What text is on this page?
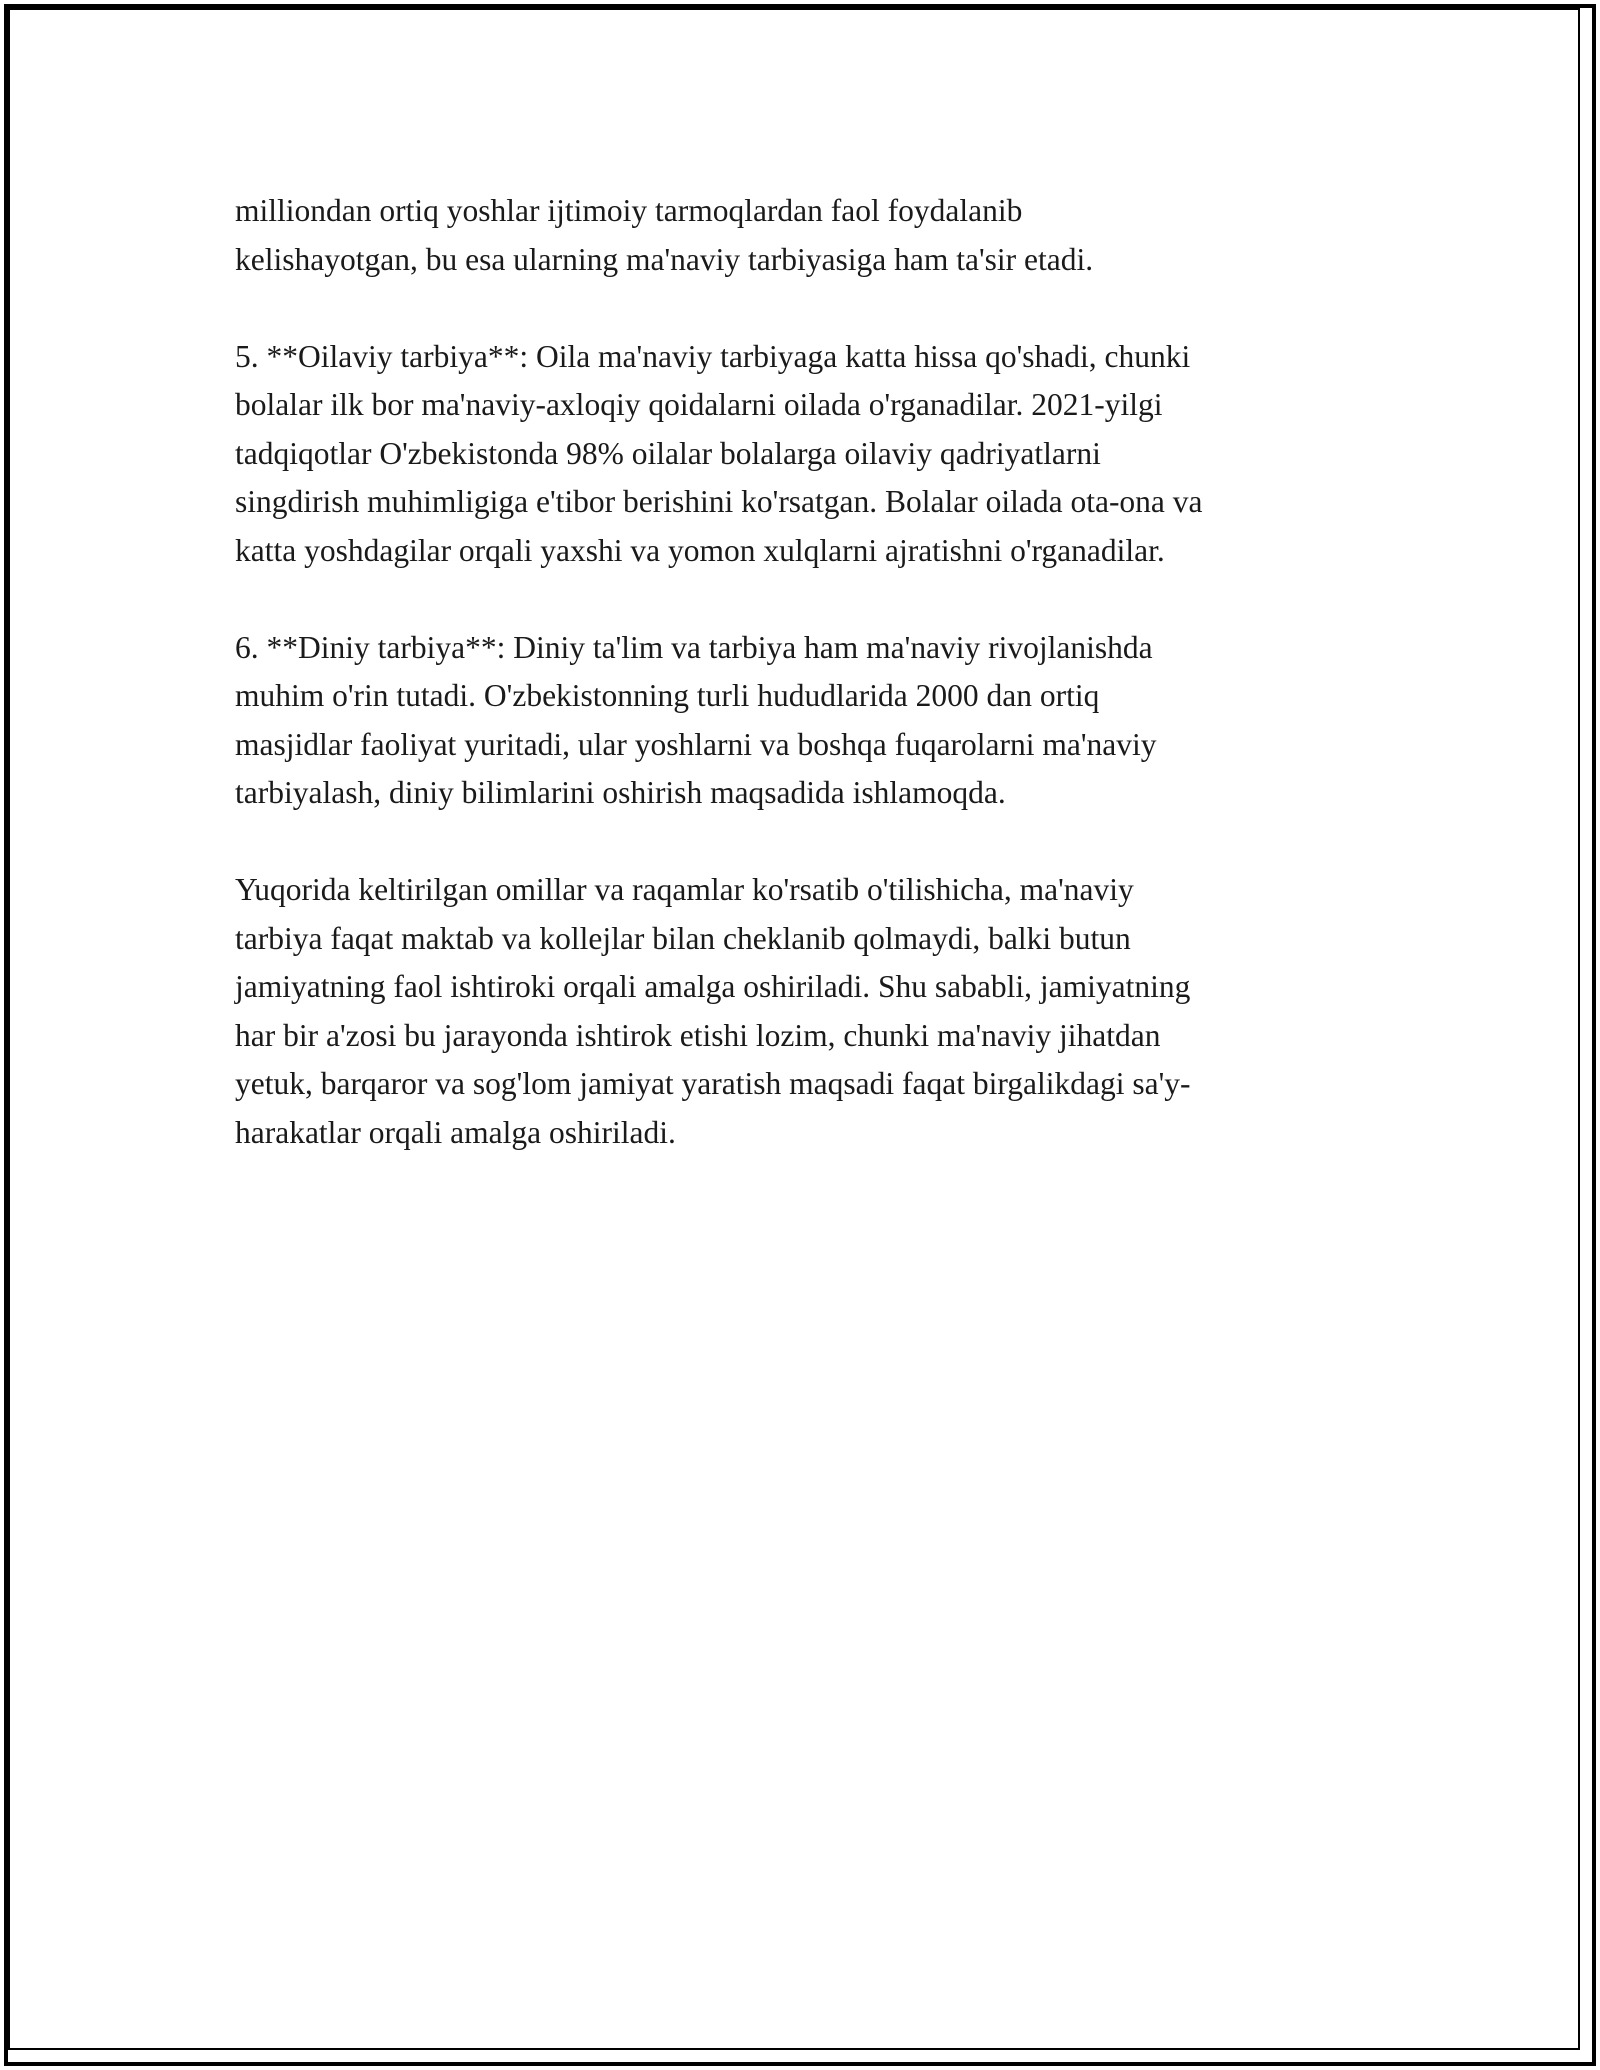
milliondan ortiq yoshlar ijtimoiy tarmoqlardan faol foydalanib
kelishayotgan, bu esa ularning ma'naviy tarbiyasiga ham ta'sir etadi.

5. **Oilaviy tarbiya**: Oila ma'naviy tarbiyaga katta hissa qo'shadi, chunki
bolalar ilk bor ma'naviy-axloqiy qoidalarni oilada o'rganadilar. 2021-yilgi
tadqiqotlar O'zbekistonda 98% oilalar bolalarga oilaviy qadriyatlarni
singdirish muhimligiga e'tibor berishini ko'rsatgan. Bolalar oilada ota-ona va
katta yoshdagilar orqali yaxshi va yomon xulqlarni ajratishni o'rganadilar.

6. **Diniy tarbiya**: Diniy ta'lim va tarbiya ham ma'naviy rivojlanishda
muhim o'rin tutadi. O'zbekistonning turli hududlarida 2000 dan ortiq
masjidlar faoliyat yuritadi, ular yoshlarni va boshqa fuqarolarni ma'naviy
tarbiyalash, diniy bilimlarini oshirish maqsadida ishlamoqda.

Yuqorida keltirilgan omillar va raqamlar ko'rsatib o'tilishicha, ma'naviy
tarbiya faqat maktab va kollejlar bilan cheklanib qolmaydi, balki butun
jamiyatning faol ishtiroki orqali amalga oshiriladi. Shu sababli, jamiyatning
har bir a'zosi bu jarayonda ishtirok etishi lozim, chunki ma'naviy jihatdan
yetuk, barqaror va sog'lom jamiyat yaratish maqsadi faqat birgalikdagi sa'y-
harakatlar orqali amalga oshiriladi.
